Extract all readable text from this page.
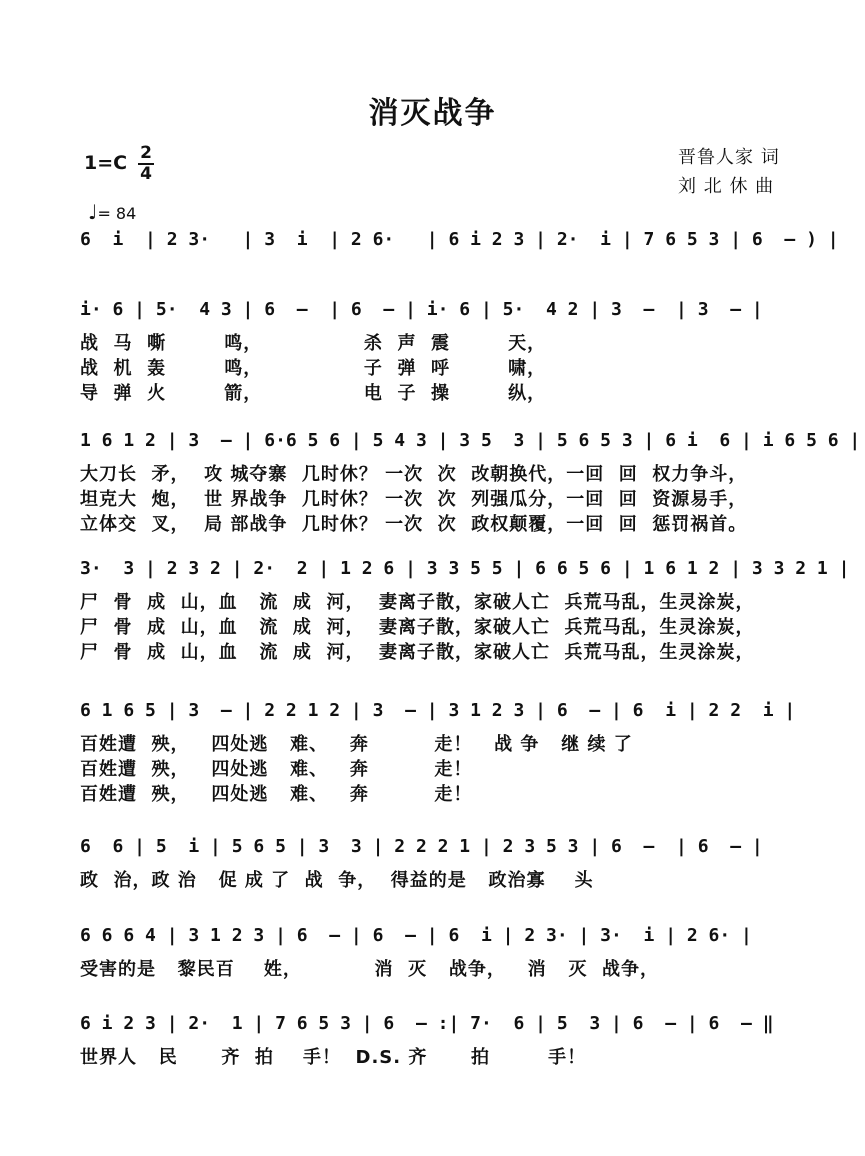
消灭战争
1=C 2
4
♩= 84
晋鲁人家 词
刘 北 休 曲
6  i  | 2 3·   | 3  i  | 2 6·   | 6 i 2 3 | 2·  i | 7 6 5 3 | 6  – ) |
i· 6 | 5·  4 3 | 6  –  | 6  – | i· 6 | 5·  4 2 | 3  –  | 3  – |
战  马  嘶        鸣，              杀  声  震        天，
战  机  轰        鸣，              子  弹  呼        啸，
导  弹  火        箭，              电  子  操        纵，
1 6 1 2 | 3  – | 6·6 5 6 | 5 4 3 | 3 5  3 | 5 6 5 3 | 6 i  6 | i 6 5 6 |
大刀长  矛，  攻 城夺寨  几时休？ 一次  次  改朝换代，一回  回  权力争斗，
坦克大  炮，  世 界战争  几时休？ 一次  次  列强瓜分，一回  回  资源易手，
立体交  叉，  局 部战争  几时休？ 一次  次  政权颠覆，一回  回  惩罚祸首。
3·  3 | 2 3 2 | 2·  2 | 1 2 6 | 3 3 5 5 | 6 6 5 6 | 1 6 1 2 | 3 3 2 1 |
尸  骨  成  山，血   流  成  河，  妻离子散，家破人亡  兵荒马乱，生灵涂炭，
尸  骨  成  山，血   流  成  河，  妻离子散，家破人亡  兵荒马乱，生灵涂炭，
尸  骨  成  山，血   流  成  河，  妻离子散，家破人亡  兵荒马乱，生灵涂炭，
6 1 6 5 | 3  – | 2 2 1 2 | 3  – | 3 1 2 3 | 6  – | 6  i | 2 2  i |
百姓遭  殃，   四处逃   难、   奔         走！   战 争   继 续 了
百姓遭  殃，   四处逃   难、   奔         走！
百姓遭  殃，   四处逃   难、   奔         走！
6  6 | 5  i | 5 6 5 | 3  3 | 2 2 2 1 | 2 3 5 3 | 6  –  | 6  – |
政  治，政 治   促 成 了  战  争，  得益的是   政治寡    头
6 6 6 4 | 3 1 2 3 | 6  – | 6  – | 6  i | 2 3· | 3·  i | 2 6· |
受害的是   黎民百    姓，          消  灭   战争，   消   灭  战争，
6 i 2 3 | 2·  1 | 7 6 5 3 | 6  – :| 7·  6 | 5  3 | 6  – | 6  – ‖
世界人   民      齐  拍    手！  D.S. 齐      拍        手！
